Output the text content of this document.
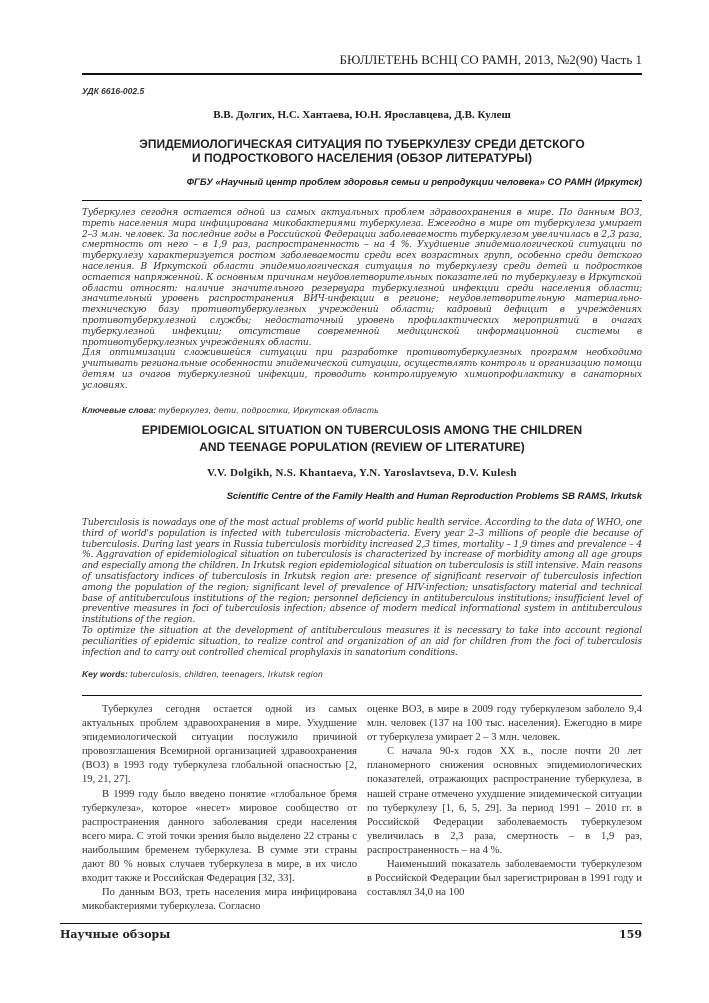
БЮЛЛЕТЕНЬ ВСНЦ СО РАМН, 2013, №2(90) Часть 1
УДК 6616-002.5
В.В. Долгих, Н.С. Хантаева, Ю.Н. Ярославцева, Д.В. Кулеш
ЭПИДЕМИОЛОГИЧЕСКАЯ СИТУАЦИЯ ПО ТУБЕРКУЛЕЗУ СРЕДИ ДЕТСКОГО
И ПОДРОСТКОВОГО НАСЕЛЕНИЯ (ОБЗОР ЛИТЕРАТУРЫ)
ФГБУ «Научный центр проблем здоровья семьи и репродукции человека» СО РАМН (Иркутск)

Туберкулез сегодня остается одной из самых актуальных проблем здравоохранения в мире. По данным ВОЗ, треть населения мира инфицирована микобактериями туберкулеза. Ежегодно в мире от туберкулеза умирает 2–3 млн. человек. За последние годы в Российской Федерации заболеваемость туберкулезом увеличилась в 2,3 раза, смертность от него – в 1,9 раз, распространенность – на 4 %. Ухудшение эпидемиологической ситуации по туберкулезу характеризуется ростом заболеваемости среди всех возрастных групп, особенно среди детского населения. В Иркутской области эпидемиологическая ситуация по туберкулезу среди детей и подростков остается напряженной. К основным причинам неудовлетворительных показателей по туберкулезу в Иркутской области относят: наличие значительного резервуара туберкулезной инфекции среди населения области; значительный уровень распространения ВИЧ-инфекции в регионе; неудовлетворительную материально-техническую базу противотуберкулезных учреждений области; кадровый дефицит в учреждениях противотуберкулезной службы; недостаточный уровень профилактических мероприятий в очагах туберкулезной инфекции; отсутствие современной медицинской информационной системы в противотуберкулезных учреждениях области.

Для оптимизации сложившейся ситуации при разработке противотуберкулезных программ необходимо учитывать региональные особенности эпидемической ситуации, осуществлять контроль и организацию помощи детям из очагов туберкулезной инфекции, проводить контролируемую химиопрофилактику в санаторных условиях.

Ключевые слова: туберкулез, дети, подростки, Иркутская область
EPIDEMIOLOGICAL SITUATION ON TUBERCULOSIS AMONG THE CHILDREN
AND TEENAGE POPULATION (REVIEW OF LITERATURE)
V.V. Dolgikh, N.S. Khantaeva, Y.N. Yaroslavtseva, D.V. Kulesh
Scientific Centre of the Family Health and Human Reproduction Problems SB RAMS, Irkutsk

Tuberculosis is nowadays one of the most actual problems of world public health service. According to the data of WHO, one third of world's population is infected with tuberculosis microbacteria. Every year 2–3 millions of people die because of tuberculosis. During last years in Russia tuberculosis morbidity increased 2,3 times, mortality – 1,9 times and prevalence – 4 %. Aggravation of epidemiological situation on tuberculosis is characterized by increase of morbidity among all age groups and especially among the children. In Irkutsk region epidemiological situation on tuberculosis is still intensive. Main reasons of unsatisfactory indices of tuberculosis in Irkutsk region are: presence of significant reservoir of tuberculosis infection among the population of the region; significant level of prevalence of HIV-infection; unsatisfactory material and technical base of antituberculous institutions of the region; personnel deficiency in antituberculous institutions; insufficient level of preventive measures in foci of tuberculosis infection; absence of modern medical informational system in antituberculous institutions of the region.

To optimize the situation at the development of antituberculous measures it is necessary to take into account regional peculiarities of epidemic situation, to realize control and organization of an aid for children from the foci of tuberculosis infection and to carry out controlled chemical prophylaxis in sanatorium conditions.

Key words: tuberculosis, children, teenagers, Irkutsk region

Туберкулез сегодня остается одной из самых актуальных проблем здравоохранения в мире. Ухудшение эпидемиологической ситуации послужило причиной провозглашения Всемирной организацией здравоохранения (ВОЗ) в 1993 году туберкулеза глобальной опасностью [2, 19, 21, 27].

В 1999 году было введено понятие «глобальное бремя туберкулеза», которое «несет» мировое сообщество от распространения данного заболевания среди населения всего мира. С этой точки зрения было выделено 22 страны с наибольшим бременем туберкулеза. В сумме эти страны дают 80 % новых случаев туберкулеза в мире, в их число входит также и Российская Федерация [32, 33].

По данным ВОЗ, треть населения мира инфицирована микобактериями туберкулеза. Согласно

оценке ВОЗ, в мире в 2009 году туберкулезом заболело 9,4 млн. человек (137 на 100 тыс. населения). Ежегодно в мире от туберкулеза умирает 2 – 3 млн. человек.

С начала 90-х годов XX в., после почти 20 лет планомерного снижения основных эпидемиологических показателей, отражающих распространение туберкулеза, в нашей стране отмечено ухудшение эпидемической ситуации по туберкулезу [1, 6, 5, 29]. За период 1991 – 2010 гг. в Российской Федерации заболеваемость туберкулезом увеличилась в 2,3 раза, смертность – в 1,9 раз, распространенность – на 4 %.

Наименьший показатель заболеваемости туберкулезом в Российской Федерации был зарегистрирован в 1991 году и составлял 34,0 на 100

Научные обзоры	159
